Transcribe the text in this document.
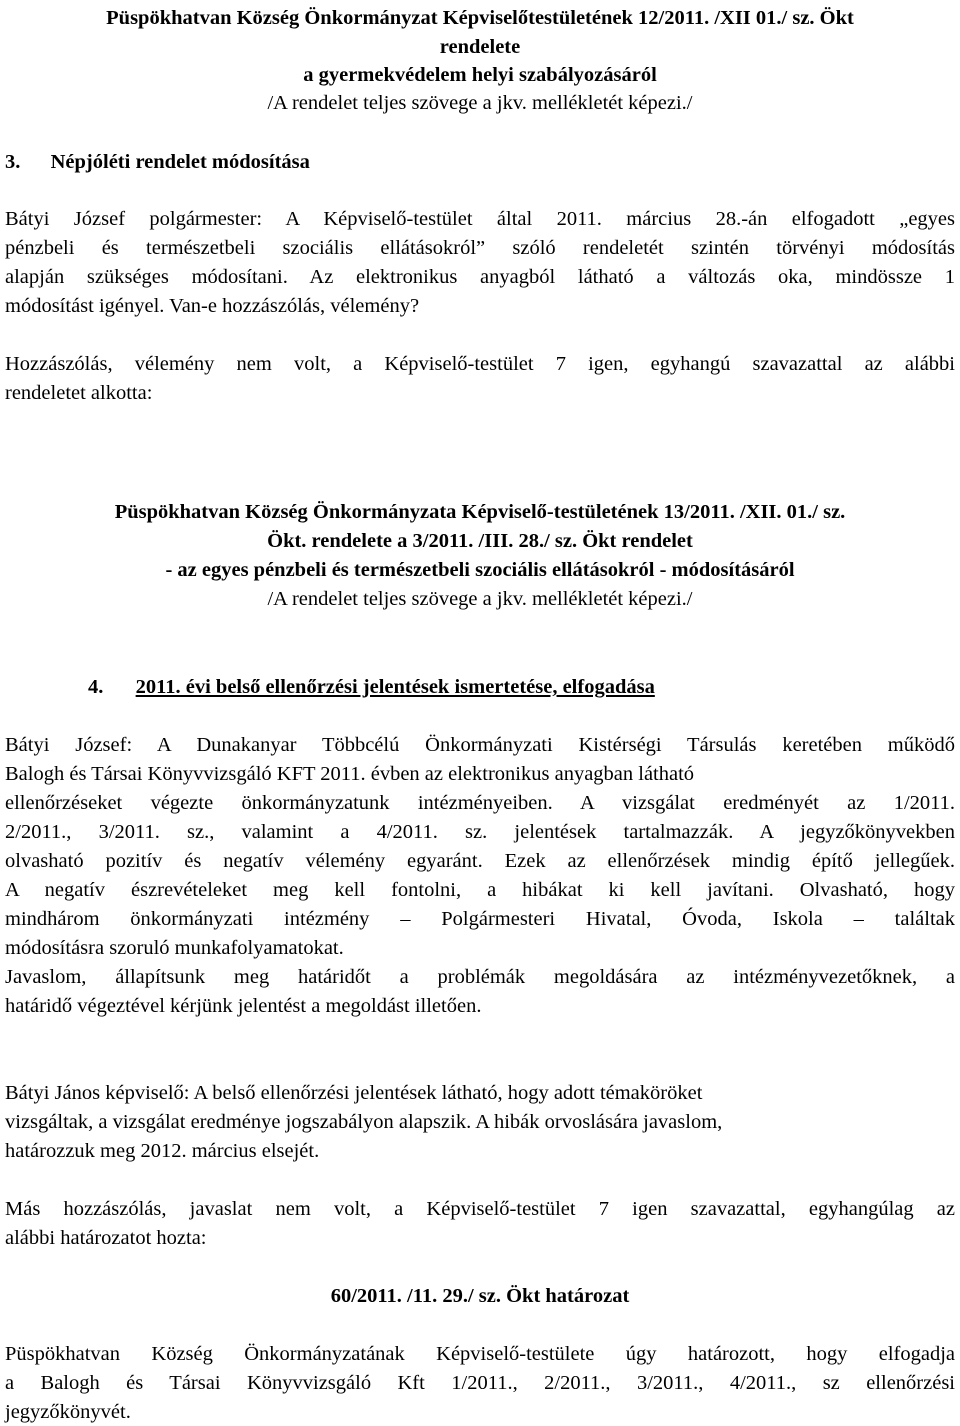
Püspökhatvan Község Önkormányzat Képviselőtestületének 12/2011. /XII 01./ sz. Ökt

rendelete

a gyermekvédelem helyi szabályozásáról

/A rendelet teljes szövege a jkv. mellékletét képezi./

3. Népjóléti rendelet módosítása

Bátyi József polgármester: A Képviselő-testület által 2011. március 28.-án elfogadott „egyes

pénzbeli és természetbeli szociális ellátásokról” szóló rendeletét szintén törvényi módosítás

alapján szükséges módosítani. Az elektronikus anyagból látható a változás oka, mindössze 1

módosítást igényel. Van-e hozzászólás, vélemény?

Hozzászólás, vélemény nem volt, a Képviselő-testület 7 igen, egyhangú szavazattal az alábbi

rendeletet alkotta:

Püspökhatvan Község Önkormányzata Képviselő-testületének 13/2011. /XII. 01./ sz.

Ökt. rendelete a 3/2011. /III. 28./ sz. Ökt rendelet

- az egyes pénzbeli és természetbeli szociális ellátásokról - módosításáról

/A rendelet teljes szövege a jkv. mellékletét képezi./

4. 2011. évi belső ellenőrzési jelentések ismertetése, elfogadása

Bátyi József: A Dunakanyar Többcélú Önkormányzati Kistérségi Társulás keretében működő

Balogh és Társai Könyvvizsgáló KFT 2011. évben az elektronikus anyagban látható

ellenőrzéseket végezte önkormányzatunk intézményeiben. A vizsgálat eredményét az 1/2011.

2/2011., 3/2011. sz., valamint a 4/2011. sz. jelentések tartalmazzák. A jegyzőkönyvekben

olvasható pozitív és negatív vélemény egyaránt. Ezek az ellenőrzések mindig építő jellegűek.

A negatív észrevételeket meg kell fontolni, a hibákat ki kell javítani. Olvasható, hogy

mindhárom önkormányzati intézmény – Polgármesteri Hivatal, Óvoda, Iskola – találtak

módosításra szoruló munkafolyamatokat.

Javaslom, állapítsunk meg határidőt a problémák megoldására az intézményvezetőknek, a

határidő végeztével kérjünk jelentést a megoldást illetően.

Bátyi János képviselő: A belső ellenőrzési jelentések látható, hogy adott témaköröket

vizsgáltak, a vizsgálat eredménye jogszabályon alapszik. A hibák orvoslására javaslom,

határozzuk meg 2012. március elsejét.

Más hozzászólás, javaslat nem volt, a Képviselő-testület 7 igen szavazattal, egyhangúlag az

alábbi határozatot hozta:

60/2011. /11. 29./ sz. Ökt határozat

Püspökhatvan Község Önkormányzatának Képviselő-testülete úgy határozott, hogy elfogadja

a Balogh és Társai Könyvvizsgáló Kft 1/2011., 2/2011., 3/2011., 4/2011., sz ellenőrzési

jegyzőkönyvét.
